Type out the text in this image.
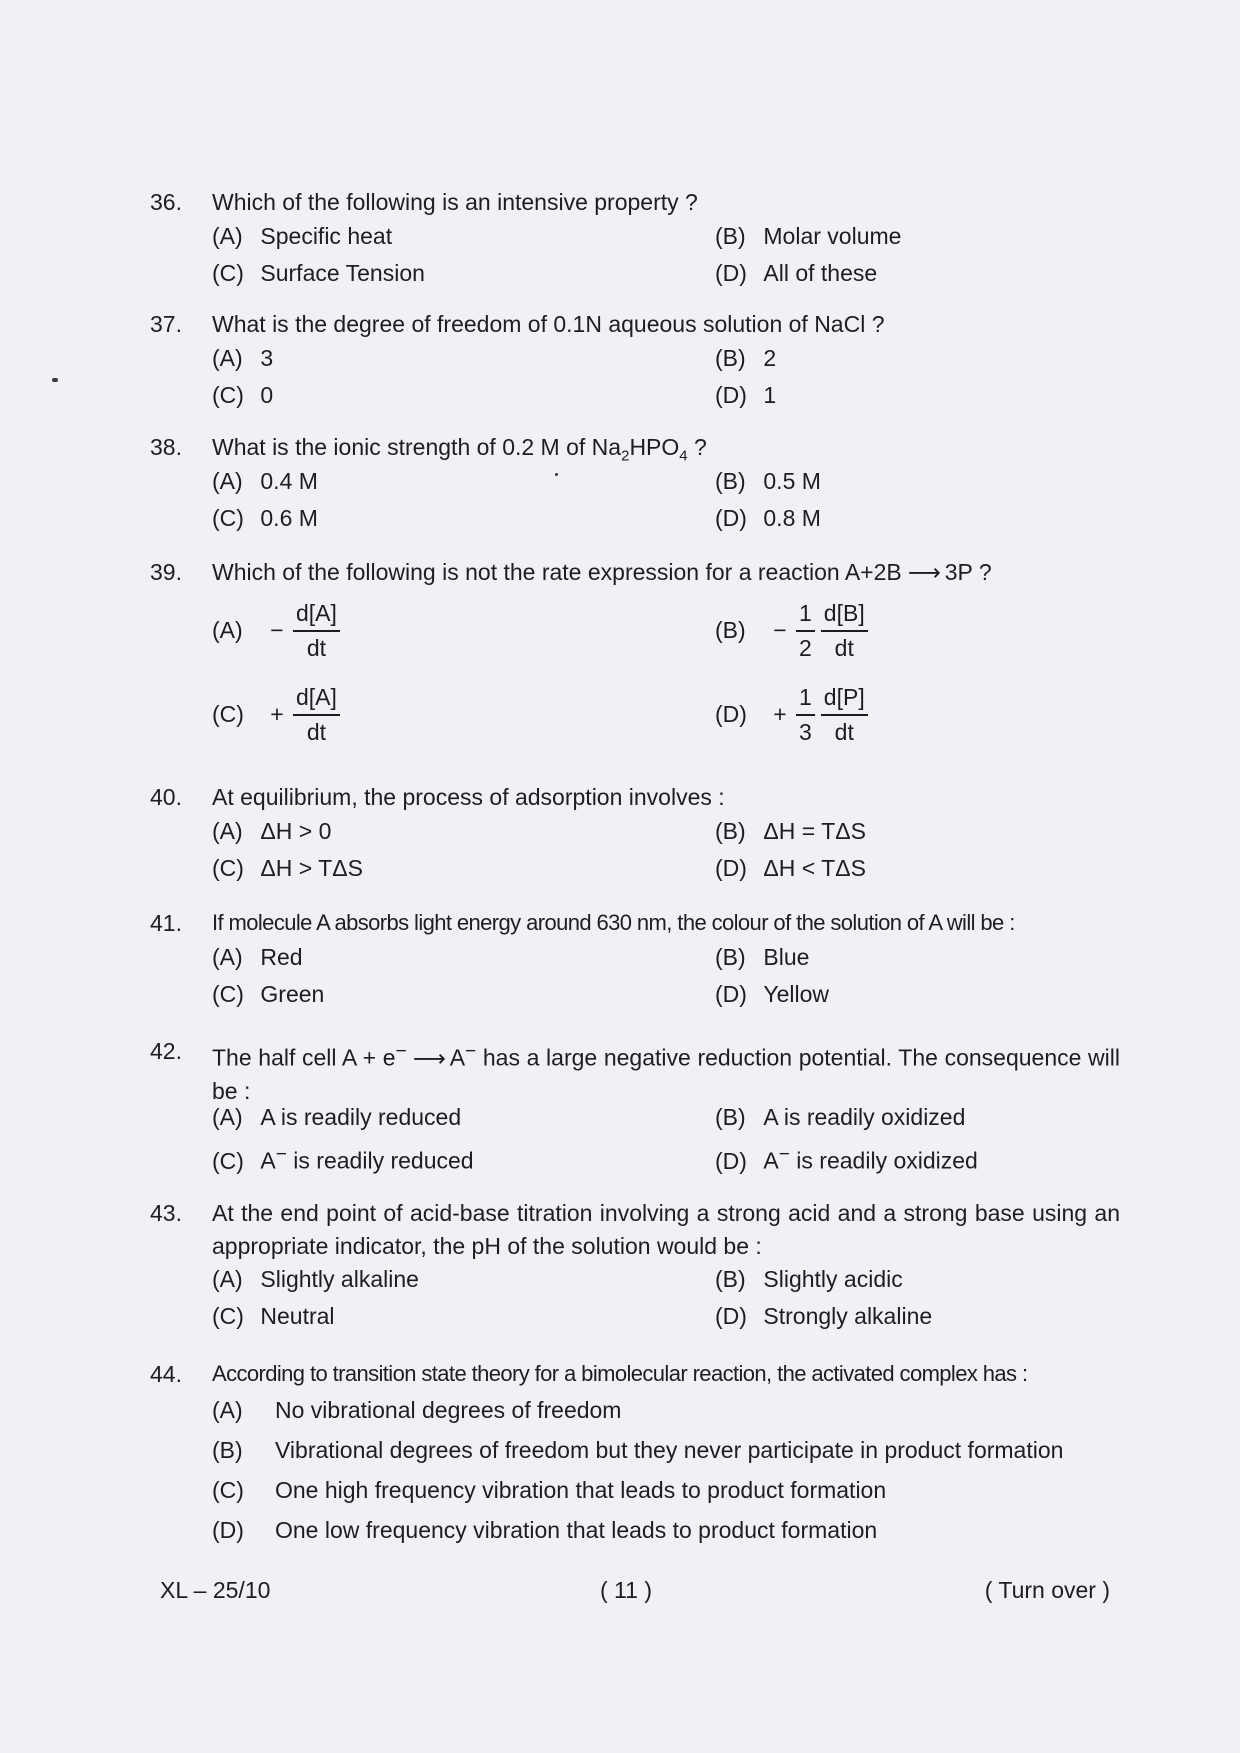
36.	Which of the following is an intensive property ?
(A) Specific heat	(B) Molar volume
(C) Surface Tension	(D) All of these
37.	What is the degree of freedom of 0.1N aqueous solution of NaCl ?
(A) 3	(B) 2
(C) 0	(D) 1
38.	What is the ionic strength of 0.2 M of $Na_2HPO_4$ ?
(A) 0.4 M	(B) 0.5 M
(C) 0.6 M	(D) 0.8 M
39.	Which of the following is not the rate expression for a reaction A+2B ⟶ 3P ?
(A)	− $\frac{d[A]}{dt}$	(B)	− $\frac{1}{2} \frac{d[B]}{dt}$
(C)	+ $\frac{d[A]}{dt}$	(D)	+ $\frac{1}{3} \frac{d[P]}{dt}$
40.	At equilibrium, the process of adsorption involves :
(A) ΔH > 0	(B) ΔH = TΔS
(C) ΔH > TΔS	(D) ΔH < TΔS
41.	If molecule A absorbs light energy around 630 nm, the colour of the solution of A will be :
(A) Red	(B) Blue
(C) Green	(D) Yellow
42.	The half cell A + e− ⟶ A− has a large negative reduction potential. The consequence will be :
(A) A is readily reduced	(B) A is readily oxidized
(C) A− is readily reduced	(D) A− is readily oxidized
43.	At the end point of acid-base titration involving a strong acid and a strong base using an appropriate indicator, the pH of the solution would be :
(A) Slightly alkaline	(B) Slightly acidic
(C) Neutral	(D) Strongly alkaline
44.	According to transition state theory for a bimolecular reaction, the activated complex has :
(A)	No vibrational degrees of freedom
(B)	Vibrational degrees of freedom but they never participate in product formation
(C)	One high frequency vibration that leads to product formation
(D)	One low frequency vibration that leads to product formation
XL – 25/10	( 11 )	( Turn over )
